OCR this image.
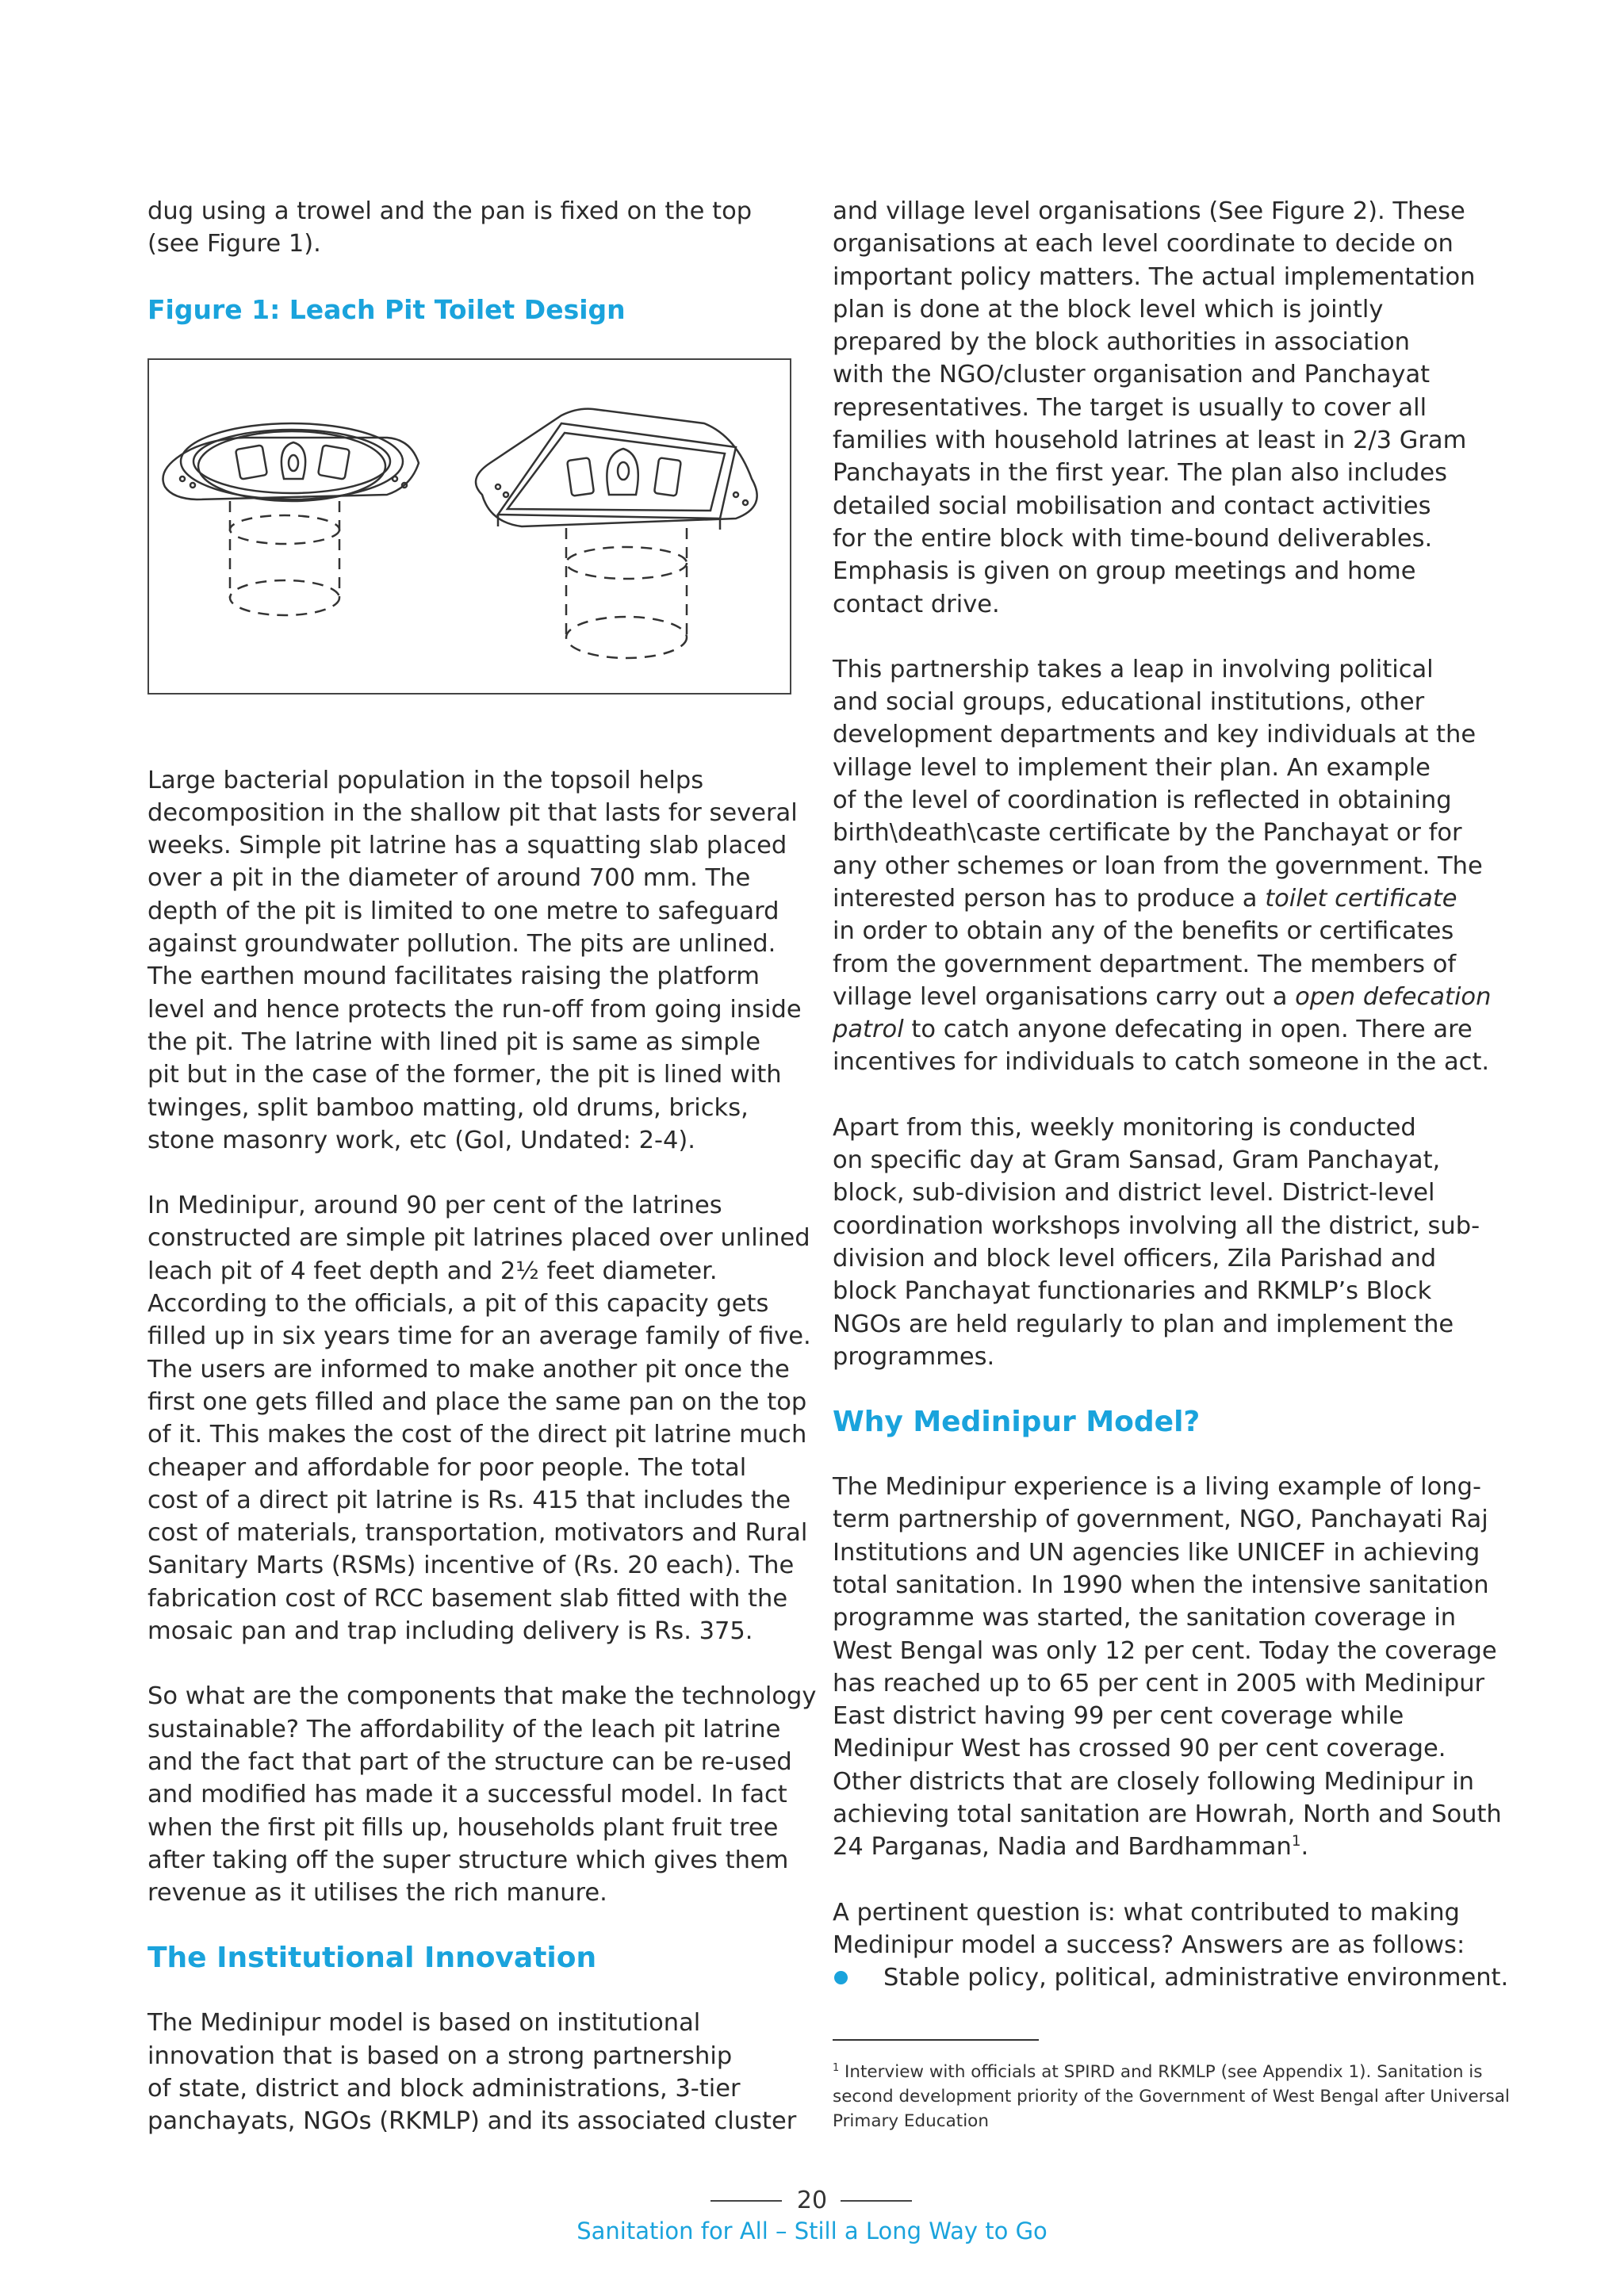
dug using a trowel and the pan is fixed on the top
(see Figure 1).
Figure 1: Leach Pit Toilet Design
Large bacterial population in the topsoil helps
decomposition in the shallow pit that lasts for several
weeks. Simple pit latrine has a squatting slab placed
over a pit in the diameter of around 700 mm. The
depth of the pit is limited to one metre to safeguard
against groundwater pollution. The pits are unlined.
The earthen mound facilitates raising the platform
level and hence protects the run-off from going inside
the pit. The latrine with lined pit is same as simple
pit but in the case of the former, the pit is lined with
twinges, split bamboo matting, old drums, bricks,
stone masonry work, etc (GoI, Undated: 2-4).
In Medinipur, around 90 per cent of the latrines
constructed are simple pit latrines placed over unlined
leach pit of 4 feet depth and 2½ feet diameter.
According to the officials, a pit of this capacity gets
filled up in six years time for an average family of five.
The users are informed to make another pit once the
first one gets filled and place the same pan on the top
of it. This makes the cost of the direct pit latrine much
cheaper and affordable for poor people. The total
cost of a direct pit latrine is Rs. 415 that includes the
cost of materials, transportation, motivators and Rural
Sanitary Marts (RSMs) incentive of (Rs. 20 each). The
fabrication cost of RCC basement slab fitted with the
mosaic pan and trap including delivery is Rs. 375.
So what are the components that make the technology
sustainable? The affordability of the leach pit latrine
and the fact that part of the structure can be re-used
and modified has made it a successful model. In fact
when the first pit fills up, households plant fruit tree
after taking off the super structure which gives them
revenue as it utilises the rich manure.
The Institutional Innovation
The Medinipur model is based on institutional
innovation that is based on a strong partnership
of state, district and block administrations, 3-tier
panchayats, NGOs (RKMLP) and its associated cluster
and village level organisations (See Figure 2). These
organisations at each level coordinate to decide on
important policy matters. The actual implementation
plan is done at the block level which is jointly
prepared by the block authorities in association
with the NGO/cluster organisation and Panchayat
representatives. The target is usually to cover all
families with household latrines at least in 2/3 Gram
Panchayats in the first year. The plan also includes
detailed social mobilisation and contact activities
for the entire block with time-bound deliverables.
Emphasis is given on group meetings and home
contact drive.
This partnership takes a leap in involving political
and social groups, educational institutions, other
development departments and key individuals at the
village level to implement their plan. An example
of the level of coordination is reflected in obtaining
birth\death\caste certificate by the Panchayat or for
any other schemes or loan from the government. The
interested person has to produce a toilet certificate
in order to obtain any of the benefits or certificates
from the government department. The members of
village level organisations carry out a open defecation
patrol to catch anyone defecating in open. There are
incentives for individuals to catch someone in the act.
Apart from this, weekly monitoring is conducted
on specific day at Gram Sansad, Gram Panchayat,
block, sub-division and district level. District-level
coordination workshops involving all the district, sub-
division and block level officers, Zila Parishad and
block Panchayat functionaries and RKMLP’s Block
NGOs are held regularly to plan and implement the
programmes.
Why Medinipur Model?
The Medinipur experience is a living example of long-
term partnership of government, NGO, Panchayati Raj
Institutions and UN agencies like UNICEF in achieving
total sanitation. In 1990 when the intensive sanitation
programme was started, the sanitation coverage in
West Bengal was only 12 per cent. Today the coverage
has reached up to 65 per cent in 2005 with Medinipur
East district having 99 per cent coverage while
Medinipur West has crossed 90 per cent coverage.
Other districts that are closely following Medinipur in
achieving total sanitation are Howrah, North and South
24 Parganas, Nadia and Bardhamman$^1$.
A pertinent question is: what contributed to making
Medinipur model a success? Answers are as follows:
Stable policy, political, administrative environment.
$^1$ Interview with officials at SPIRD and RKMLP (see Appendix 1). Sanitation is
second development priority of the Government of West Bengal after Universal
Primary Education
20
Sanitation for All – Still a Long Way to Go
